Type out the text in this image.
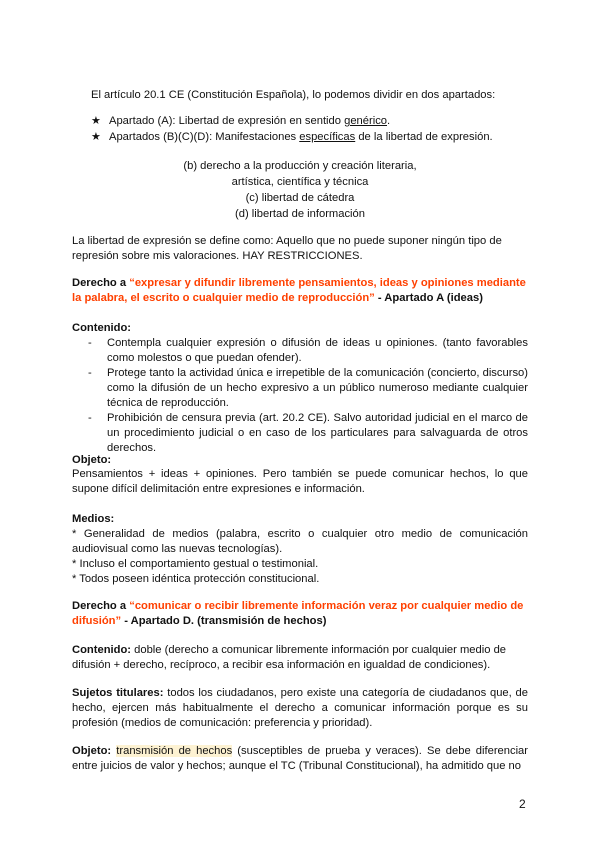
El artículo 20.1 CE (Constitución Española), lo podemos dividir en dos apartados:

★ Apartado (A): Libertad de expresión en sentido genérico.
★ Apartados (B)(C)(D): Manifestaciones específicas de la libertad de expresión.
(b) derecho a la producción y creación literaria,
artística, científica y técnica
(c) libertad de cátedra
(d) libertad de información

La libertad de expresión se define como: Aquello que no puede suponer ningún tipo de represión sobre mis valoraciones. HAY RESTRICCIONES.

Derecho a “expresar y difundir libremente pensamientos, ideas y opiniones mediante la palabra, el escrito o cualquier medio de reproducción” - Apartado A (ideas)

Contenido:

- Contempla cualquier expresión o difusión de ideas u opiniones. (tanto favorables como molestos o que puedan ofender).
- Protege tanto la actividad única e irrepetible de la comunicación (concierto, discurso) como la difusión de un hecho expresivo a un público numeroso mediante cualquier técnica de reproducción.
- Prohibición de censura previa (art. 20.2 CE). Salvo autoridad judicial en el marco de un procedimiento judicial o en caso de los particulares para salvaguarda de otros derechos.

Objeto:

Pensamientos + ideas + opiniones. Pero también se puede comunicar hechos, lo que supone difícil delimitación entre expresiones e información.

Medios:

* Generalidad de medios (palabra, escrito o cualquier otro medio de comunicación audiovisual como las nuevas tecnologías).
* Incluso el comportamiento gestual o testimonial.
* Todos poseen idéntica protección constitucional.

Derecho a “comunicar o recibir libremente información veraz por cualquier medio de difusión” - Apartado D. (transmisión de hechos)

Contenido: doble (derecho a comunicar libremente información por cualquier medio de difusión + derecho, recíproco, a recibir esa información en igualdad de condiciones).

Sujetos titulares: todos los ciudadanos, pero existe una categoría de ciudadanos que, de hecho, ejercen más habitualmente el derecho a comunicar información porque es su profesión (medios de comunicación: preferencia y prioridad).

Objeto: transmisión de hechos (susceptibles de prueba y veraces). Se debe diferenciar entre juicios de valor y hechos; aunque el TC (Tribunal Constitucional), ha admitido que no

2
